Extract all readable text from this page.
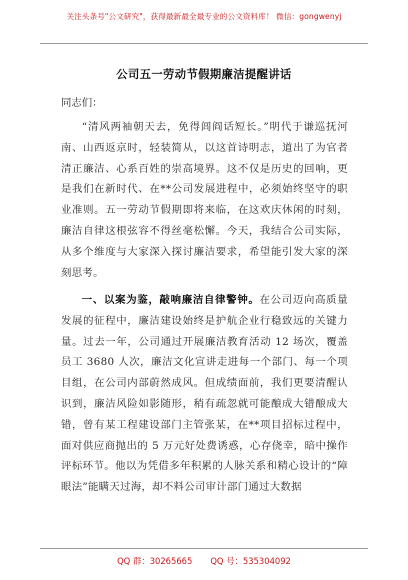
关注头条号"公文研究"，获得最新最全最专业的公文资料库！ 微信：gongwenyj
公司五一劳动节假期廉洁提醒讲话
同志们：

“清风两袖朝天去，免得闾阎话短长。”明代于谦巡抚河南、山西返京时，轻装简从，以这首诗明志，道出了为官者清正廉洁、心系百姓的崇高境界。这不仅是历史的回响，更是我们在新时代、在**公司发展进程中，必须始终坚守的职业准则。五一劳动节假期即将来临，在这欢庆休闲的时刻，廉洁自律这根弦容不得丝毫松懈。今天，我结合公司实际，从多个维度与大家深入探讨廉洁要求，希望能引发大家的深刻思考。

一、以案为鉴，敲响廉洁自律警钟。在公司迈向高质量发展的征程中，廉洁建设始终是护航企业行稳致远的关键力量。过去一年，公司通过开展廉洁教育活动 12 场次，覆盖员工 3680 人次，廉洁文化宣讲走进每一个部门、每一个项目组，在公司内部蔚然成风。但成绩面前，我们更要清醒认识到，廉洁风险如影随形，稍有疏忽就可能酿成大错酿成大错，曾有某工程建设部门主管张某，在**项目招标过程中，面对供应商抛出的 5 万元好处费诱惑，心存侥幸，暗中操作评标环节。他以为凭借多年积累的人脉关系和精心设计的“障眼法”能瞒天过海，却不料公司审计部门通过大数据

QQ 群：30265665 QQ 号：535304092
